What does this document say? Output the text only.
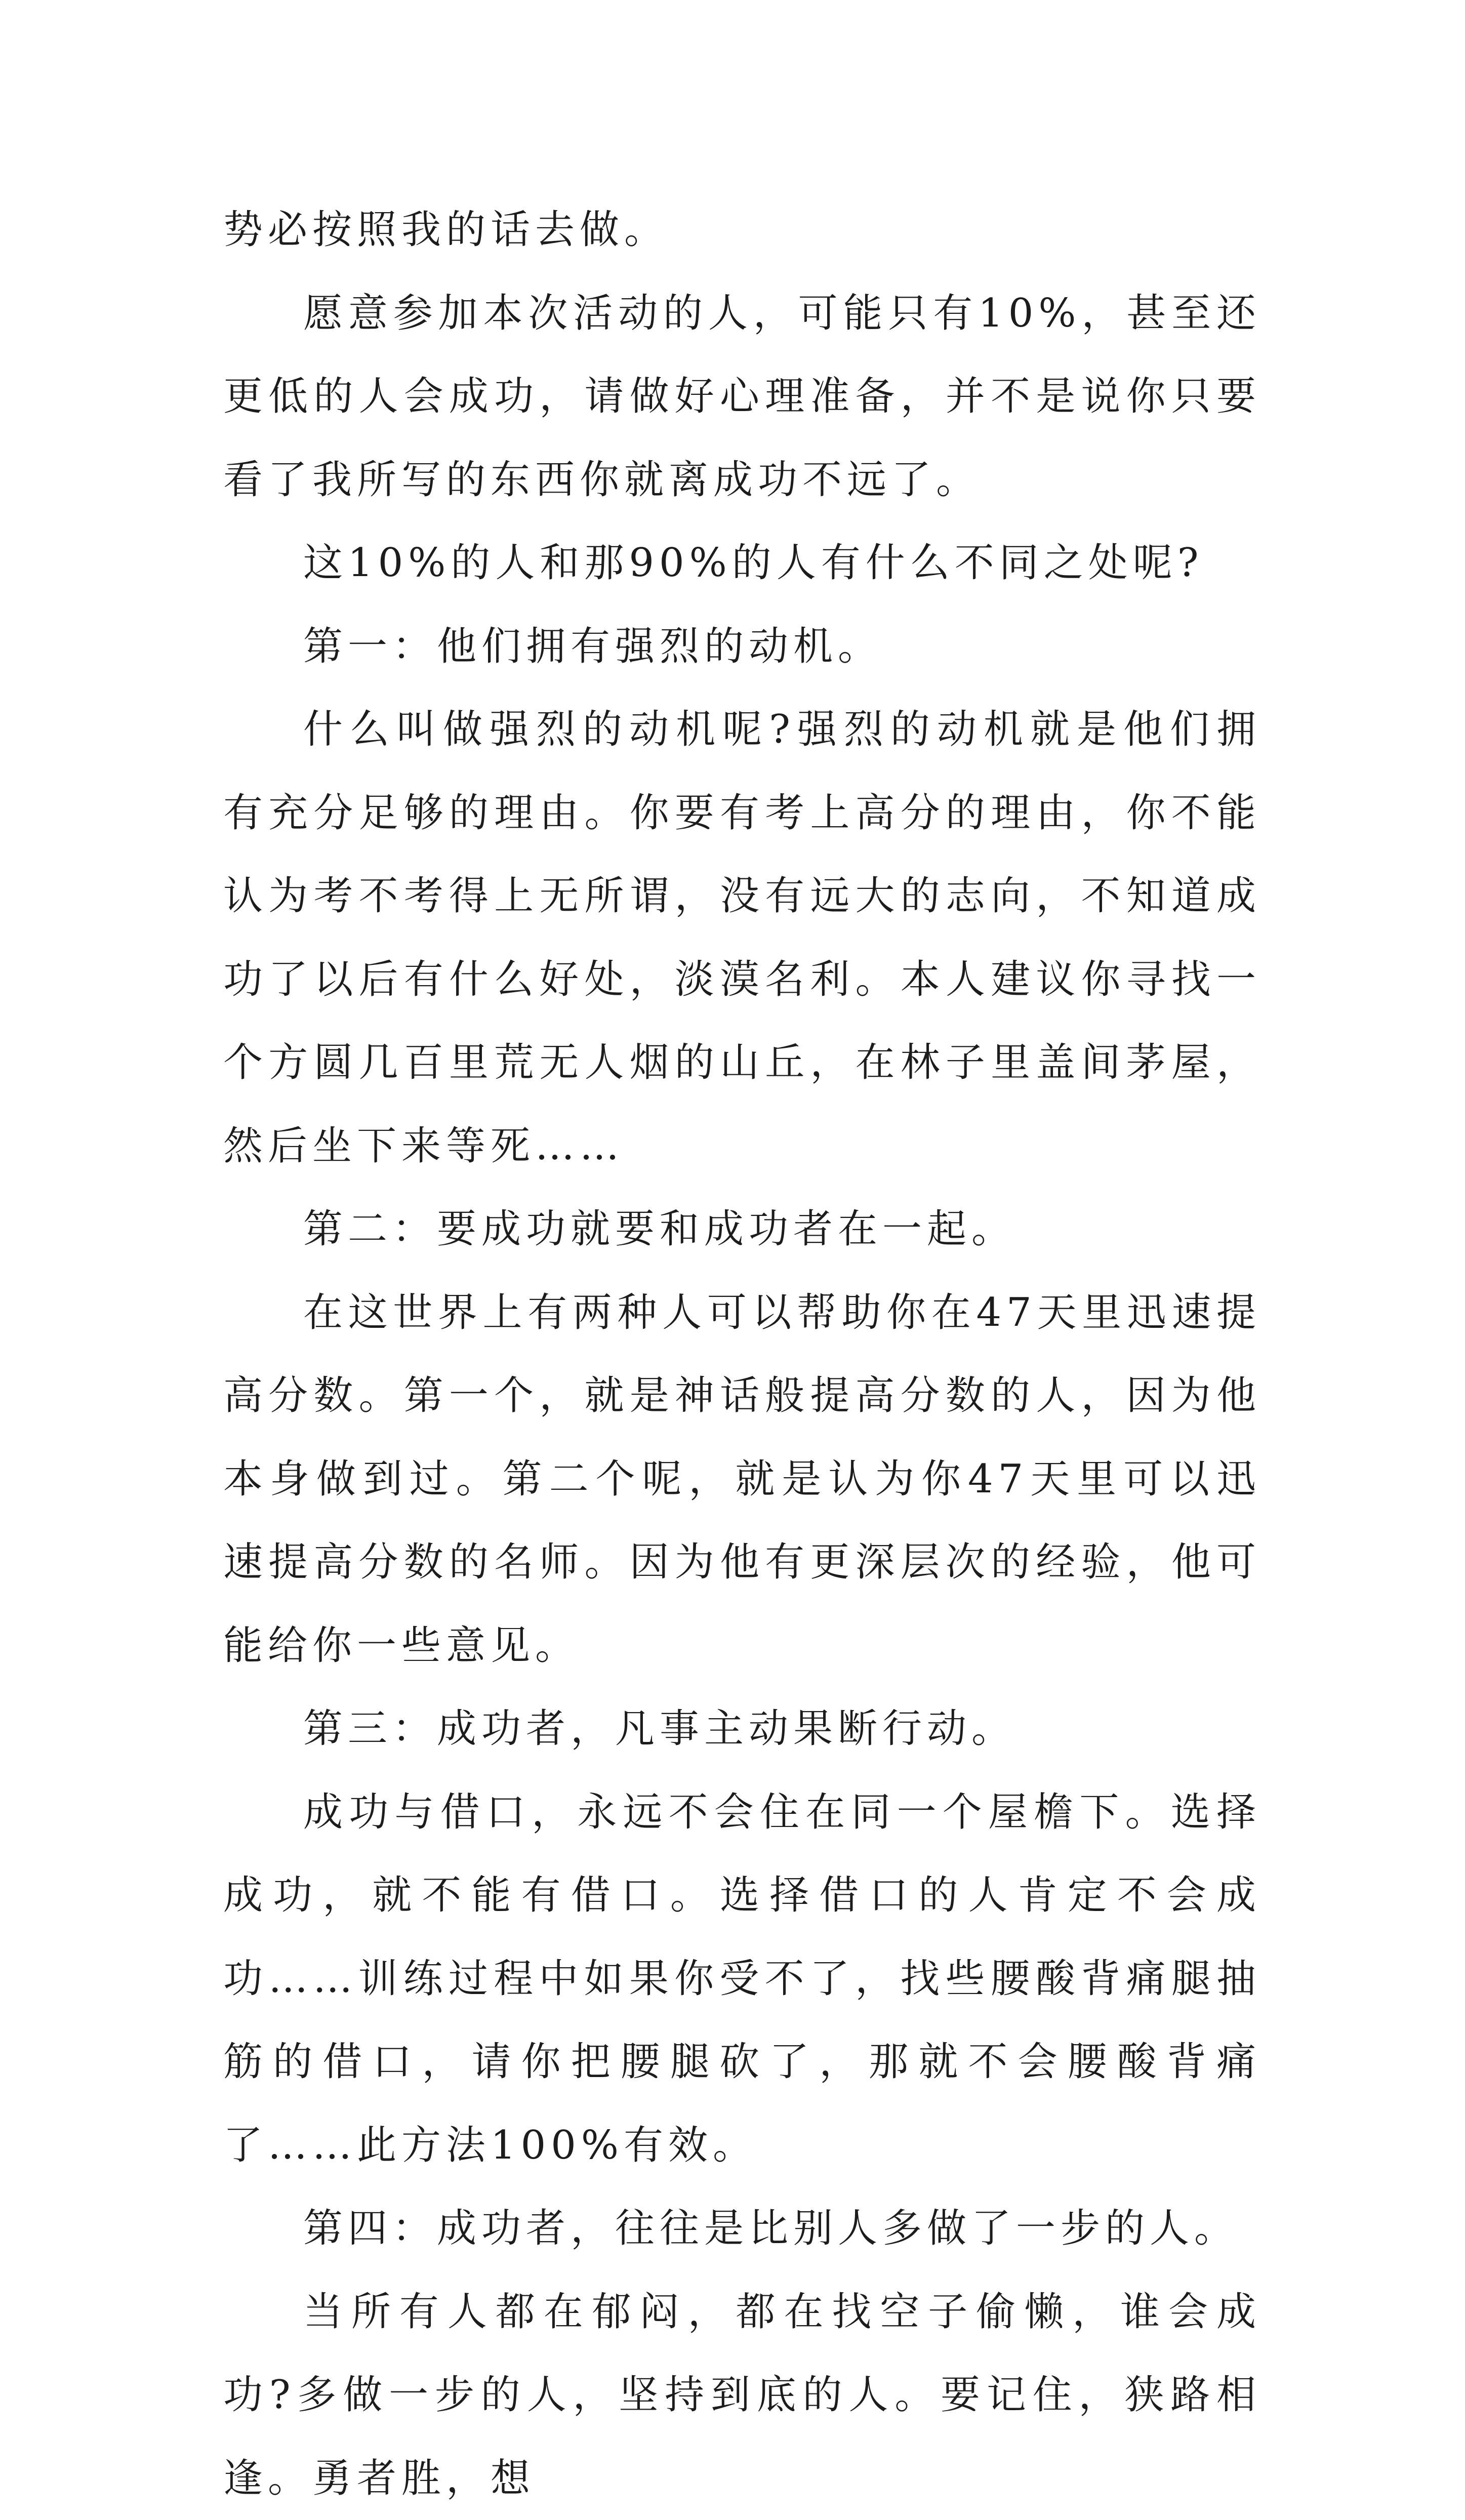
势必按照我的话去做。

愿意参加本次活动的人，可能只有10%，甚至还更低的人会成功，请做好心理准备，并不是说你只要看了我所写的东西你就离成功不远了。

这10%的人和那90%的人有什么不同之处呢?

第一：他们拥有强烈的动机。

什么叫做强烈的动机呢?强烈的动机就是他们拥有充分足够的理由。你要有考上高分的理由，你不能认为考不考得上无所谓，没有远大的志向，不知道成功了以后有什么好处，淡漠名利。本人建议你寻找一个方圆几百里荒无人烟的山丘，在林子里盖间茅屋，然后坐下来等死……

第二：要成功就要和成功者在一起。

在这世界上有两种人可以帮助你在47天里迅速提高分数。第一个，就是神话般提高分数的人，因为他本身做到过。第二个呢，就是认为你47天里可以迅速提高分数的名师。因为他有更深层次的经验，他可能给你一些意见。

第三：成功者，凡事主动果断行动。

成功与借口，永远不会住在同一个屋檐下。选择成功，就不能有借口。选择借口的人肯定不会成功……训练过程中如果你受不了，找些腰酸背痛腿抽筋的借口，请你把腰腿砍了，那就不会腰酸背痛了……此方法100%有效。

第四：成功者，往往是比别人多做了一步的人。

当所有人都在郁闷，都在找空子偷懒，谁会成功?多做一步的人，坚持到底的人。要记住，狭路相逢。勇者胜，想
